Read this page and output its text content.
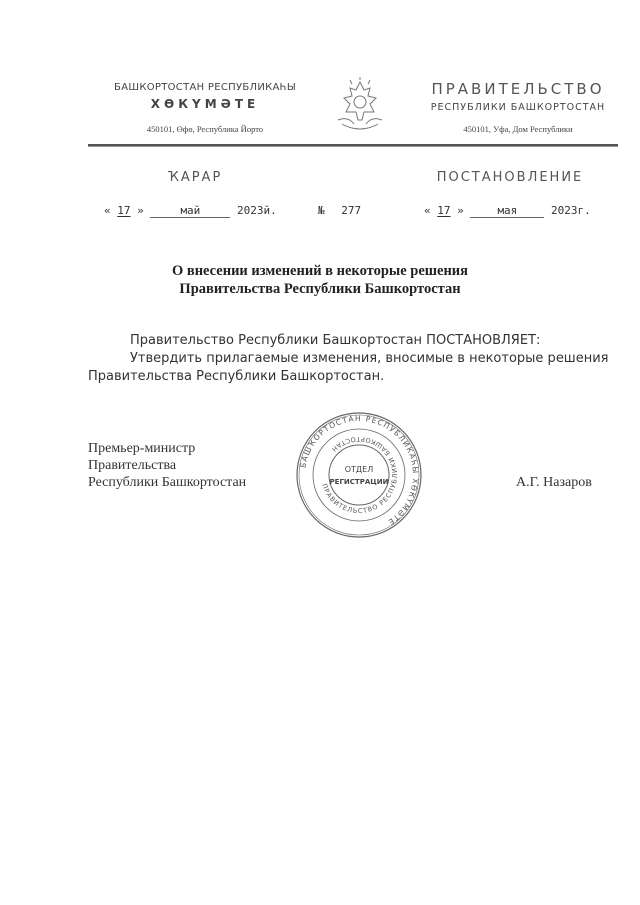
БАШКОРТОСТАН РЕСПУБЛИКАҺЫ
ХӨКҮМӘТЕ
450101, Өфө, Республика Йорто
ПРАВИТЕЛЬСТВО
РЕСПУБЛИКИ БАШКОРТОСТАН
450101, Уфа, Дом Республики
ҠАРАР	ПОСТАНОВЛЕНИЕ
« 17 »	май	2023й.	№ 277	« 17 »	мая	2023г.
О внесении изменений в некоторые решения
Правительства Республики Башкортостан
Правительство Республики Башкортостан ПОСТАНОВЛЯЕТ:
Утвердить прилагаемые изменения, вносимые в некоторые решения
Правительства Республики Башкортостан.
Премьер-министр
Правительства
Республики Башкортостан	А.Г. Назаров
БАШҠОРТОСТАН РЕСПУБЛИКАҺЫ ХӨКҮМӘТЕ
ПРАВИТЕЛЬСТВО РЕСПУБЛИКИ БАШКОРТОСТАН
ОТДЕЛ
РЕГИСТРАЦИИ
